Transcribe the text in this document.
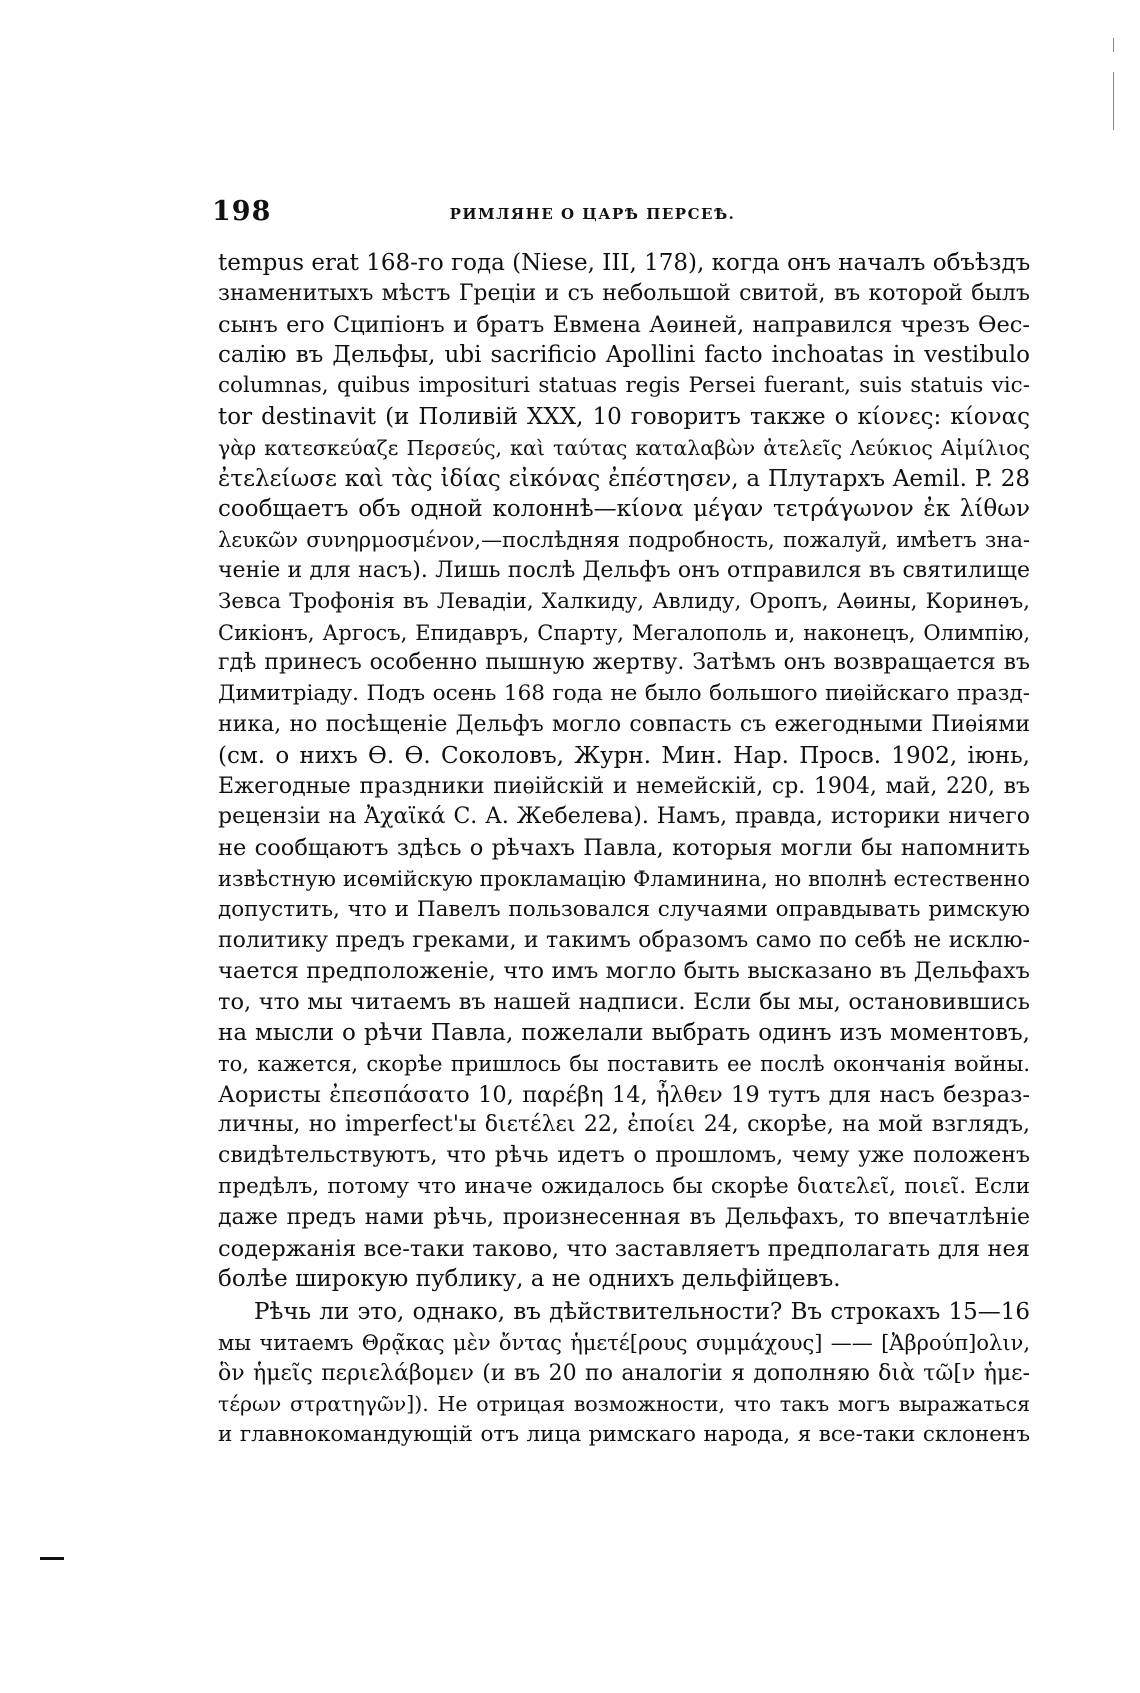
198	РИМЛЯНЕ О ЦАРѢ ПЕРСЕѢ.
tempus erat 168-го года (Niese, III, 178), когда онъ началъ объѣздъ
знаменитыхъ мѣстъ Греціи и съ небольшой свитой, въ которой былъ
сынъ его Сципіонъ и братъ Евмена Аѳиней, направился чрезъ Ѳес-
салію въ Дельфы, ubi sacrificio Apollini facto inchoatas in vestibulo
columnas, quibus impositurі statuas regis Persei fuerant, suis statuis vic-
tor destinavit (и Поливій XXX, 10 говоритъ также о κίονες: κίονας
γὰρ κατεσκεύαζε Περσεύς, καὶ ταύτας καταλαβὼν ἀτελεῖς Λεύκιος Αἰμίλιος
ἐτελείωσε καὶ τὰς ἰδίας εἰκόνας ἐπέστησεν, а Плутархъ Aemil. P. 28
сообщаетъ объ одной колоннѣ—κίονα μέγαν τετράγωνον ἐκ λίθων
λευκῶν συνηρμοσμένον,—послѣдняя подробность, пожалуй, имѣетъ зна-
ченіе и для насъ). Лишь послѣ Дельфъ онъ отправился въ святилище
Зевса Трофонія въ Левадіи, Халкиду, Авлиду, Оропъ, Аѳины, Коринѳъ,
Сикіонъ, Аргосъ, Епидавръ, Спарту, Мегалополь и, наконецъ, Олимпію,
гдѣ принесъ особенно пышную жертву. Затѣмъ онъ возвращается въ
Димитріаду. Подъ осень 168 года не было большого пиѳійскаго празд-
ника, но посѣщеніе Дельфъ могло совпасть съ ежегодными Пиѳіями
(см. о нихъ Ѳ. Ѳ. Соколовъ, Журн. Мин. Нар. Просв. 1902, іюнь,
Ежегодные праздники пиѳійскій и немейскій, ср. 1904, май, 220, въ
рецензіи на Ἀχαϊκά С. А. Жебелева). Намъ, правда, историки ничего
не сообщаютъ здѣсь о рѣчахъ Павла, которыя могли бы напомнить
извѣстную исѳмійскую прокламацію Фламинина, но вполнѣ естественно
допустить, что и Павелъ пользовался случаями оправдывать римскую
политику предъ греками, и такимъ образомъ само по себѣ не исклю-
чается предположеніе, что имъ могло быть высказано въ Дельфахъ
то, что мы читаемъ въ нашей надписи. Если бы мы, остановившись
на мысли о рѣчи Павла, пожелали выбрать одинъ изъ моментовъ,
то, кажется, скорѣе пришлось бы поставить ее послѣ окончанія войны.
Аористы ἐπεσπάσατο 10, παρέβη 14, ἦλθεν 19 тутъ для насъ безраз-
личны, но imperfect'ы διετέλει 22, ἐποίει 24, скорѣе, на мой взглядъ,
свидѣтельствуютъ, что рѣчь идетъ о прошломъ, чему уже положенъ
предѣлъ, потому что иначе ожидалось бы скорѣе διατελεῖ, ποιεῖ. Если
даже предъ нами рѣчь, произнесенная въ Дельфахъ, то впечатлѣніе
содержанія все-таки таково, что заставляетъ предполагать для нея
болѣе широкую публику, а не однихъ дельфійцевъ.
Рѣчь ли это, однако, въ дѣйствительности? Въ строкахъ 15—16
мы читаемъ Θρᾳ̃κας μὲν ὄντας ἡμετέ[ρους συμμάχους] —— [Ἀβρούπ]ολιν,
ὃν ἡμεῖς περιελάβομεν (и въ 20 по аналогіи я дополняю διὰ τῶ[ν ἡμε-
τέρων στρατηγῶν]). Не отрицая возможности, что такъ могъ выражаться
и главнокомандующій отъ лица римскаго народа, я все-таки склоненъ
